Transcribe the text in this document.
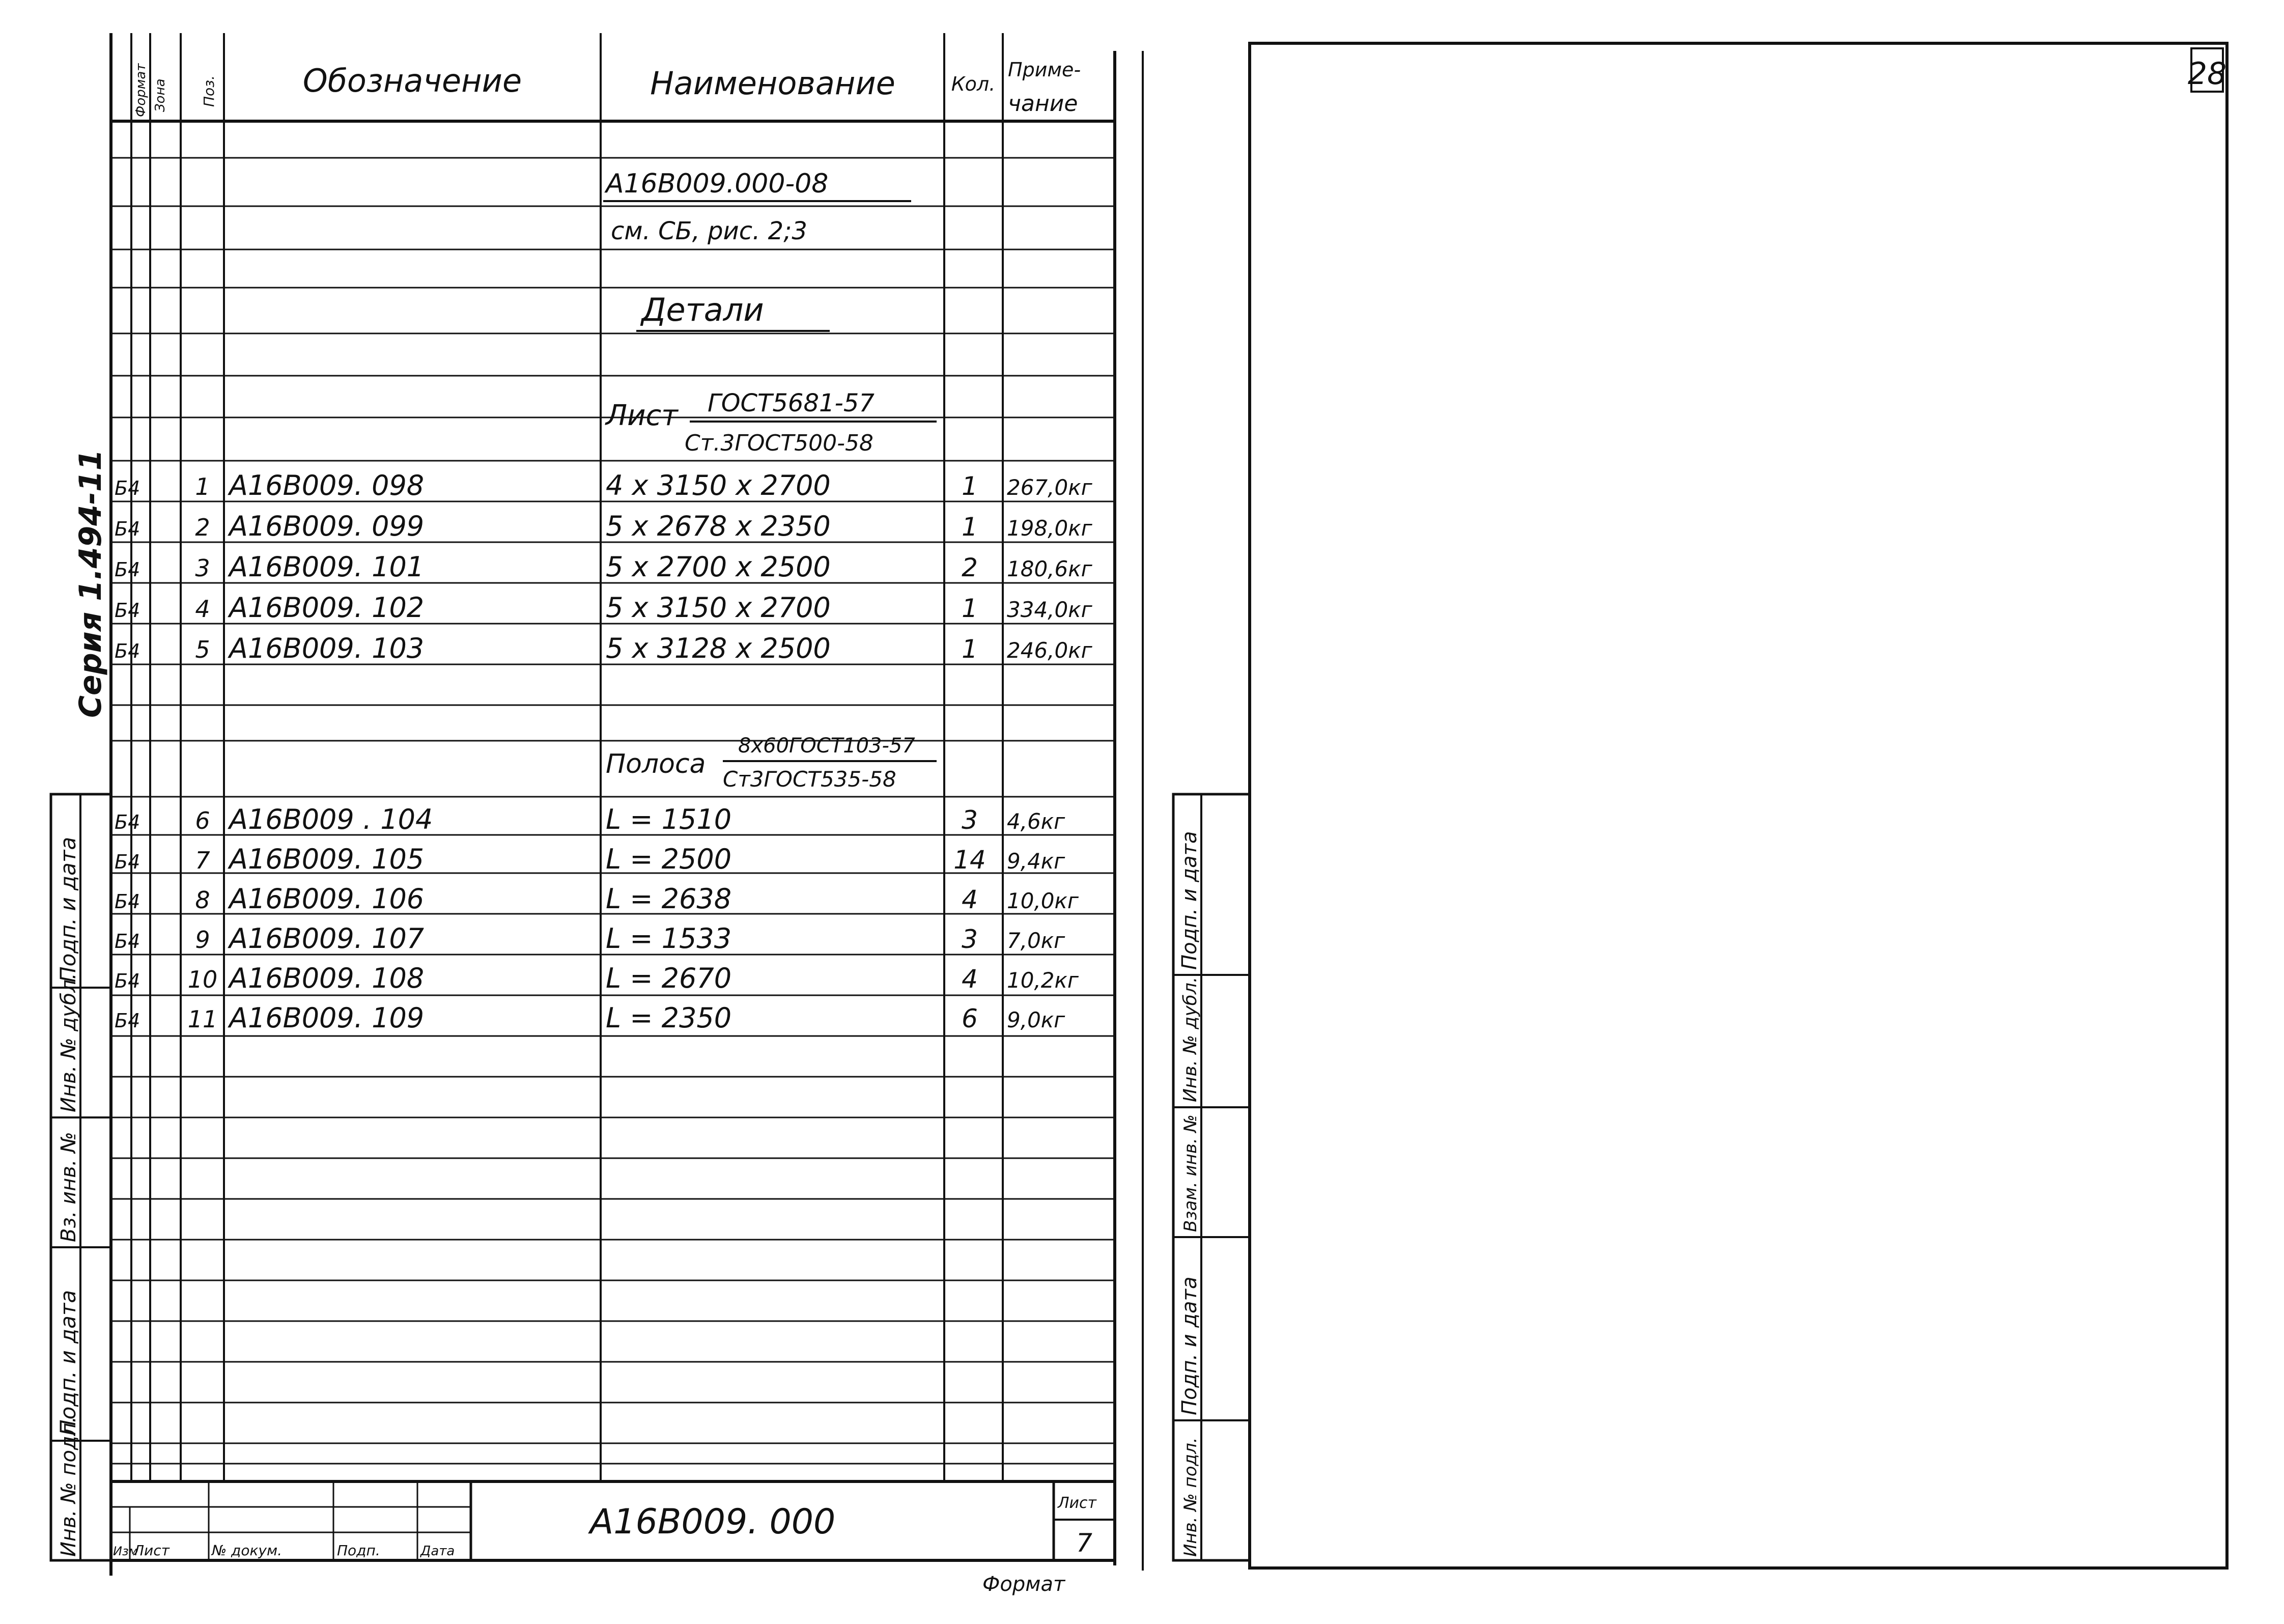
Формат Зона Поз.	Обозначение	Наименование	Кол.
Приме-
чание
А16В009.000-08
см. СБ, рис. 2;3
Детали
Лист ГОСТ5681-57
Ст.3ГОСТ500-58
Полоса
8х60ГОСТ103-57
Ст3ГОСТ535-58
Б4 1 А16В009. 098	4 х 3150 х 2700	1 267,0кг
Б4 2 А16В009. 099	5 х 2678 х 2350	1 198,0кг
Б4 3 А16В009. 101	5 х 2700 х 2500	2 180,6кг
Б4 4 А16В009. 102	5 х 3150 х 2700	1 334,0кг
Б4 5 А16В009. 103	5 х 3128 х 2500	1 246,0кг
Б4 6 А16В009 . 104	L = 1510	3 4,6кг
Б4 7 А16В009. 105	L = 2500	14 9,4кг
Б4 8 А16В009. 106	L = 2638	4 10,0кг
Б4 9 А16В009. 107	L = 1533	3 7,0кг
Б4 10 А16В009. 108	L = 2670	4 10,2кг
Б4 11 А16В009. 109	L = 2350	6 9,0кг
Серия 1.494-11
Подп. и дата
Инв. № дубл.
Вз. инв. №
Подп. и дата
Инв. № подл.	Изм
Лист	№ докум.	Подп.	Дата
А16В009. 000	Лист
7
Формат
28
Подп. и дата
Инв. № дубл.
Взам. инв. №
Подп. и дата
Инв. № подл.
